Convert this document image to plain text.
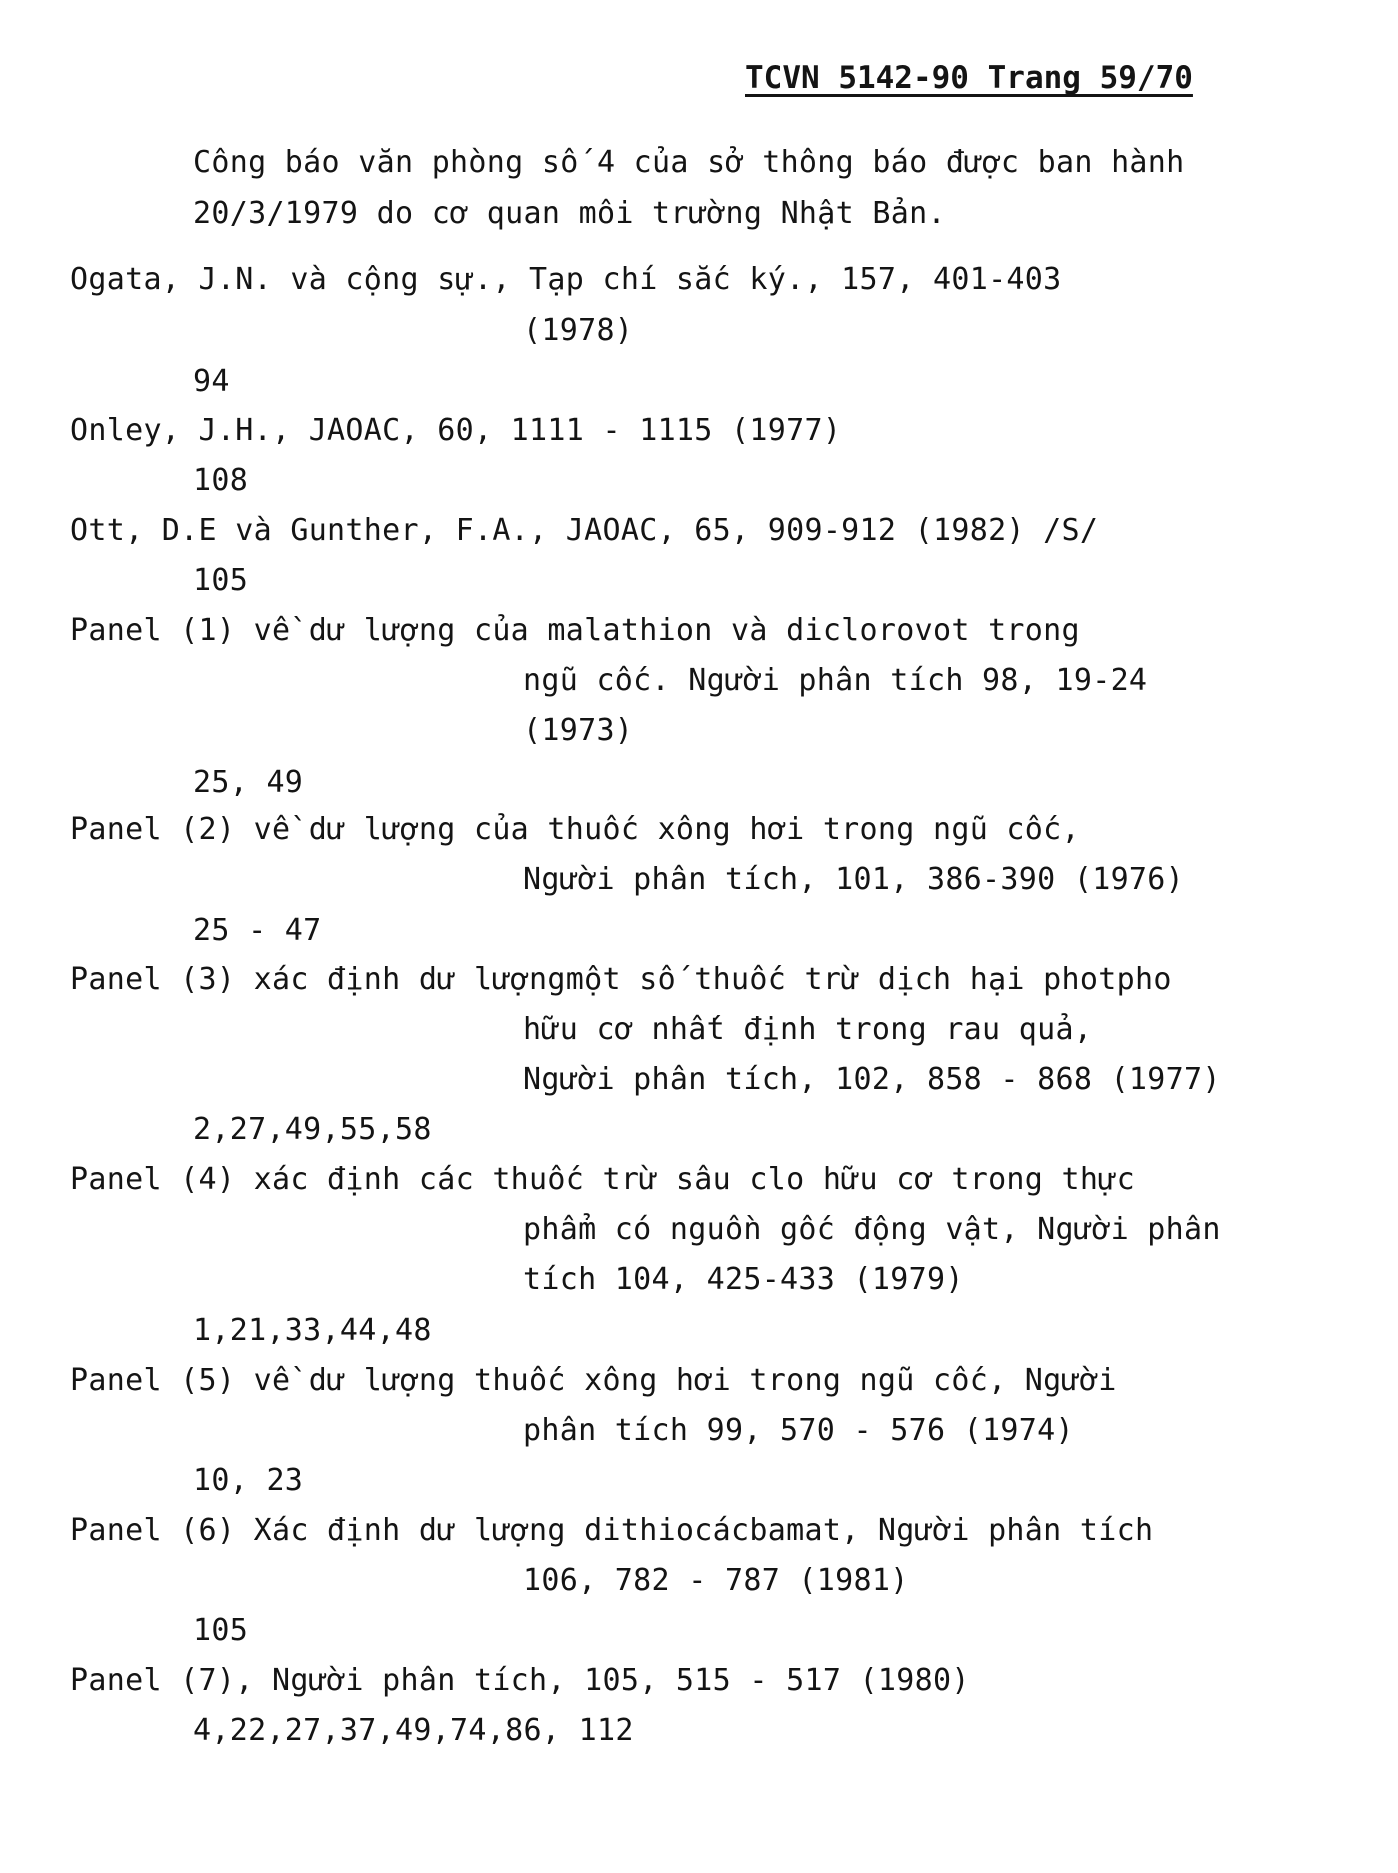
TCVN 5142-90 Trang 59/70
Công báo văn phòng số 4 của sở thông báo được ban hành
20/3/1979 do cơ quan môi trường Nhật Bản.
Ogata, J.N. và cộng sự., Tạp chí sắc ký., 157, 401-403
(1978)
94
Onley, J.H., JAOAC, 60, 1111 - 1115 (1977)
108
Ott, D.E và Gunther, F.A., JAOAC, 65, 909-912 (1982) /S/
105
Panel (1) về dư lượng của malathion và diclorovot trong
ngũ cốc. Người phân tích 98, 19-24
(1973)
25, 49
Panel (2) về dư lượng của thuốc xông hơi trong ngũ cốc,
Người phân tích, 101, 386-390 (1976)
25 - 47
Panel (3) xác định dư lượngmột số thuốc trừ dịch hại photpho
hữu cơ nhất định trong rau quả,
Người phân tích, 102, 858 - 868 (1977)
2,27,49,55,58
Panel (4) xác định các thuốc trừ sâu clo hữu cơ trong thực
phẩm có nguồn gốc động vật, Người phân
tích 104, 425-433 (1979)
1,21,33,44,48
Panel (5) về dư lượng thuốc xông hơi trong ngũ cốc, Người
phân tích 99, 570 - 576 (1974)
10, 23
Panel (6) Xác định dư lượng dithiocácbamat, Người phân tích
106, 782 - 787 (1981)
105
Panel (7), Người phân tích, 105, 515 - 517 (1980)
4,22,27,37,49,74,86, 112
